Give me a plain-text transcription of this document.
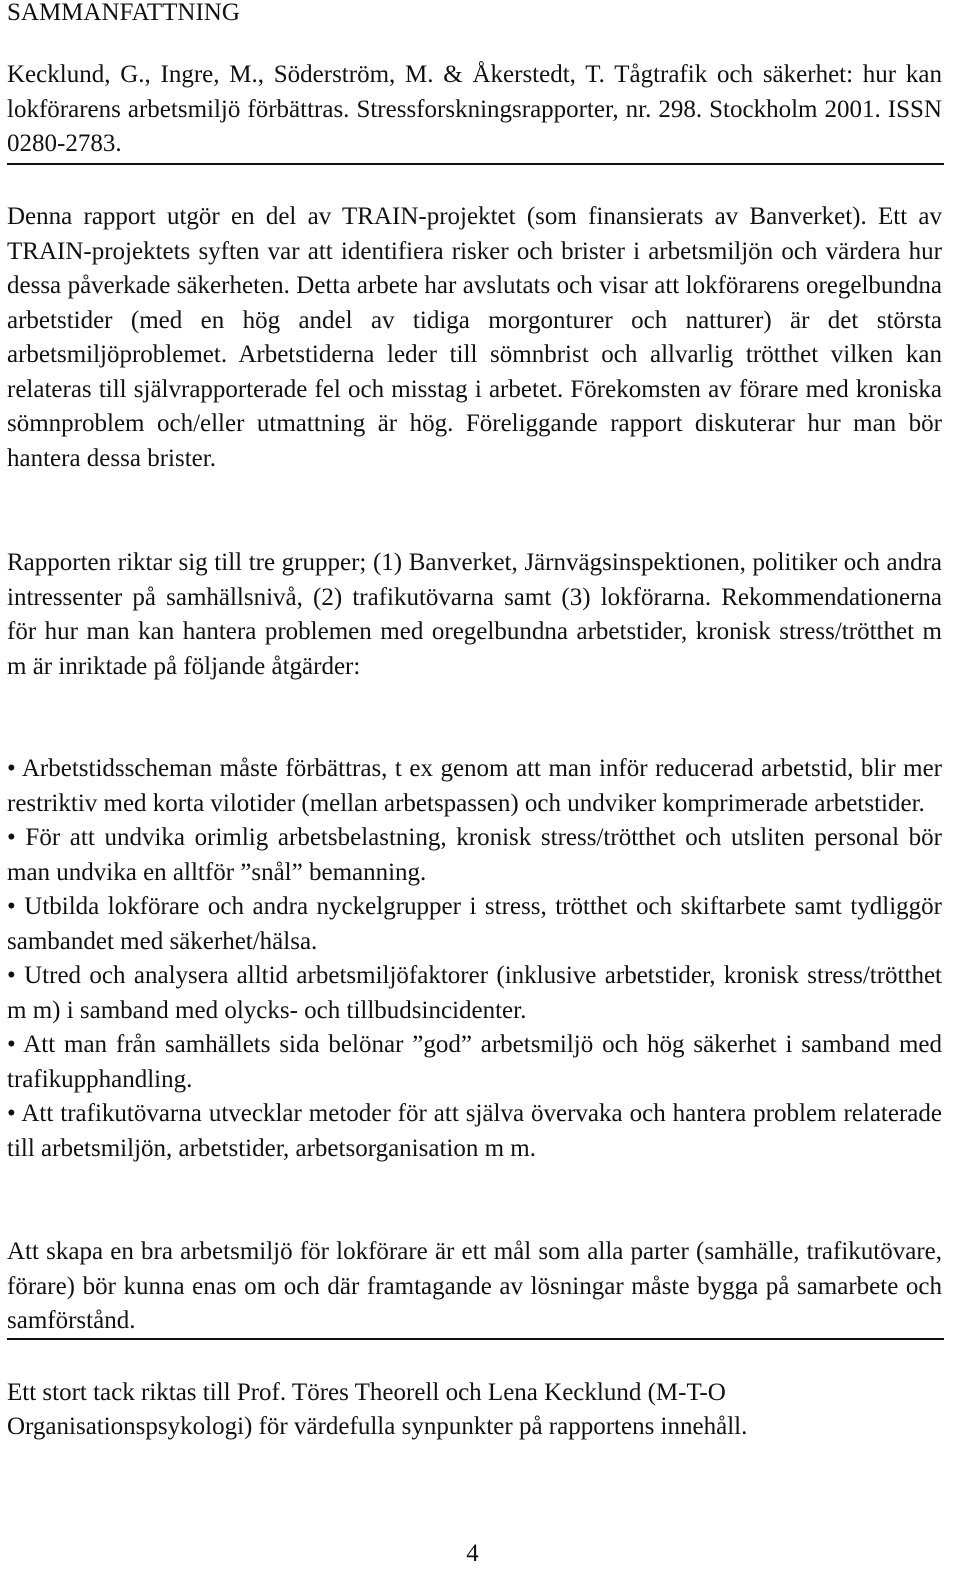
SAMMANFATTNING

Kecklund, G., Ingre, M., Söderström, M. & Åkerstedt, T. Tågtrafik och säkerhet: hur kan lokförarens arbetsmiljö förbättras. Stressforskningsrapporter, nr. 298. Stockholm 2001. ISSN 0280-2783.

Denna rapport utgör en del av TRAIN-projektet (som finansierats av Banverket). Ett av TRAIN-projektets syften var att identifiera risker och brister i arbetsmiljön och värdera hur dessa påverkade säkerheten. Detta arbete har avslutats och visar att lokförarens oregelbundna arbetstider (med en hög andel av tidiga morgonturer och natturer) är det största arbetsmiljöproblemet. Arbetstiderna leder till sömnbrist och allvarlig trötthet vilken kan relateras till självrapporterade fel och misstag i arbetet. Förekomsten av förare med kroniska sömnproblem och/eller utmattning är hög. Föreliggande rapport diskuterar hur man bör hantera dessa brister.

Rapporten riktar sig till tre grupper; (1) Banverket, Järnvägsinspektionen, politiker och andra intressenter på samhällsnivå, (2) trafikutövarna samt (3) lokförarna. Rekommendationerna för hur man kan hantera problemen med oregelbundna arbetstider, kronisk stress/trötthet m m är inriktade på följande åtgärder:

• Arbetstidsscheman måste förbättras, t ex genom att man inför reducerad arbetstid, blir mer restriktiv med korta vilotider (mellan arbetspassen) och undviker komprimerade arbetstider.
• För att undvika orimlig arbetsbelastning, kronisk stress/trötthet och utsliten personal bör man undvika en alltför ”snål” bemanning.
• Utbilda lokförare och andra nyckelgrupper i stress, trötthet och skiftarbete samt tydliggör sambandet med säkerhet/hälsa.
• Utred och analysera alltid arbetsmiljöfaktorer (inklusive arbetstider, kronisk stress/trötthet m m) i samband med olycks- och tillbudsincidenter.
• Att man från samhällets sida belönar ”god” arbetsmiljö och hög säkerhet i samband med trafikupphandling.
• Att trafikutövarna utvecklar metoder för att själva övervaka och hantera problem relaterade till arbetsmiljön, arbetstider, arbetsorganisation m m.

Att skapa en bra arbetsmiljö för lokförare är ett mål som alla parter (samhälle, trafikutövare, förare) bör kunna enas om och där framtagande av lösningar måste bygga på samarbete och samförstånd.

Ett stort tack riktas till Prof. Töres Theorell och Lena Kecklund (M-T-O

Organisationspsykologi) för värdefulla synpunkter på rapportens innehåll.

4
